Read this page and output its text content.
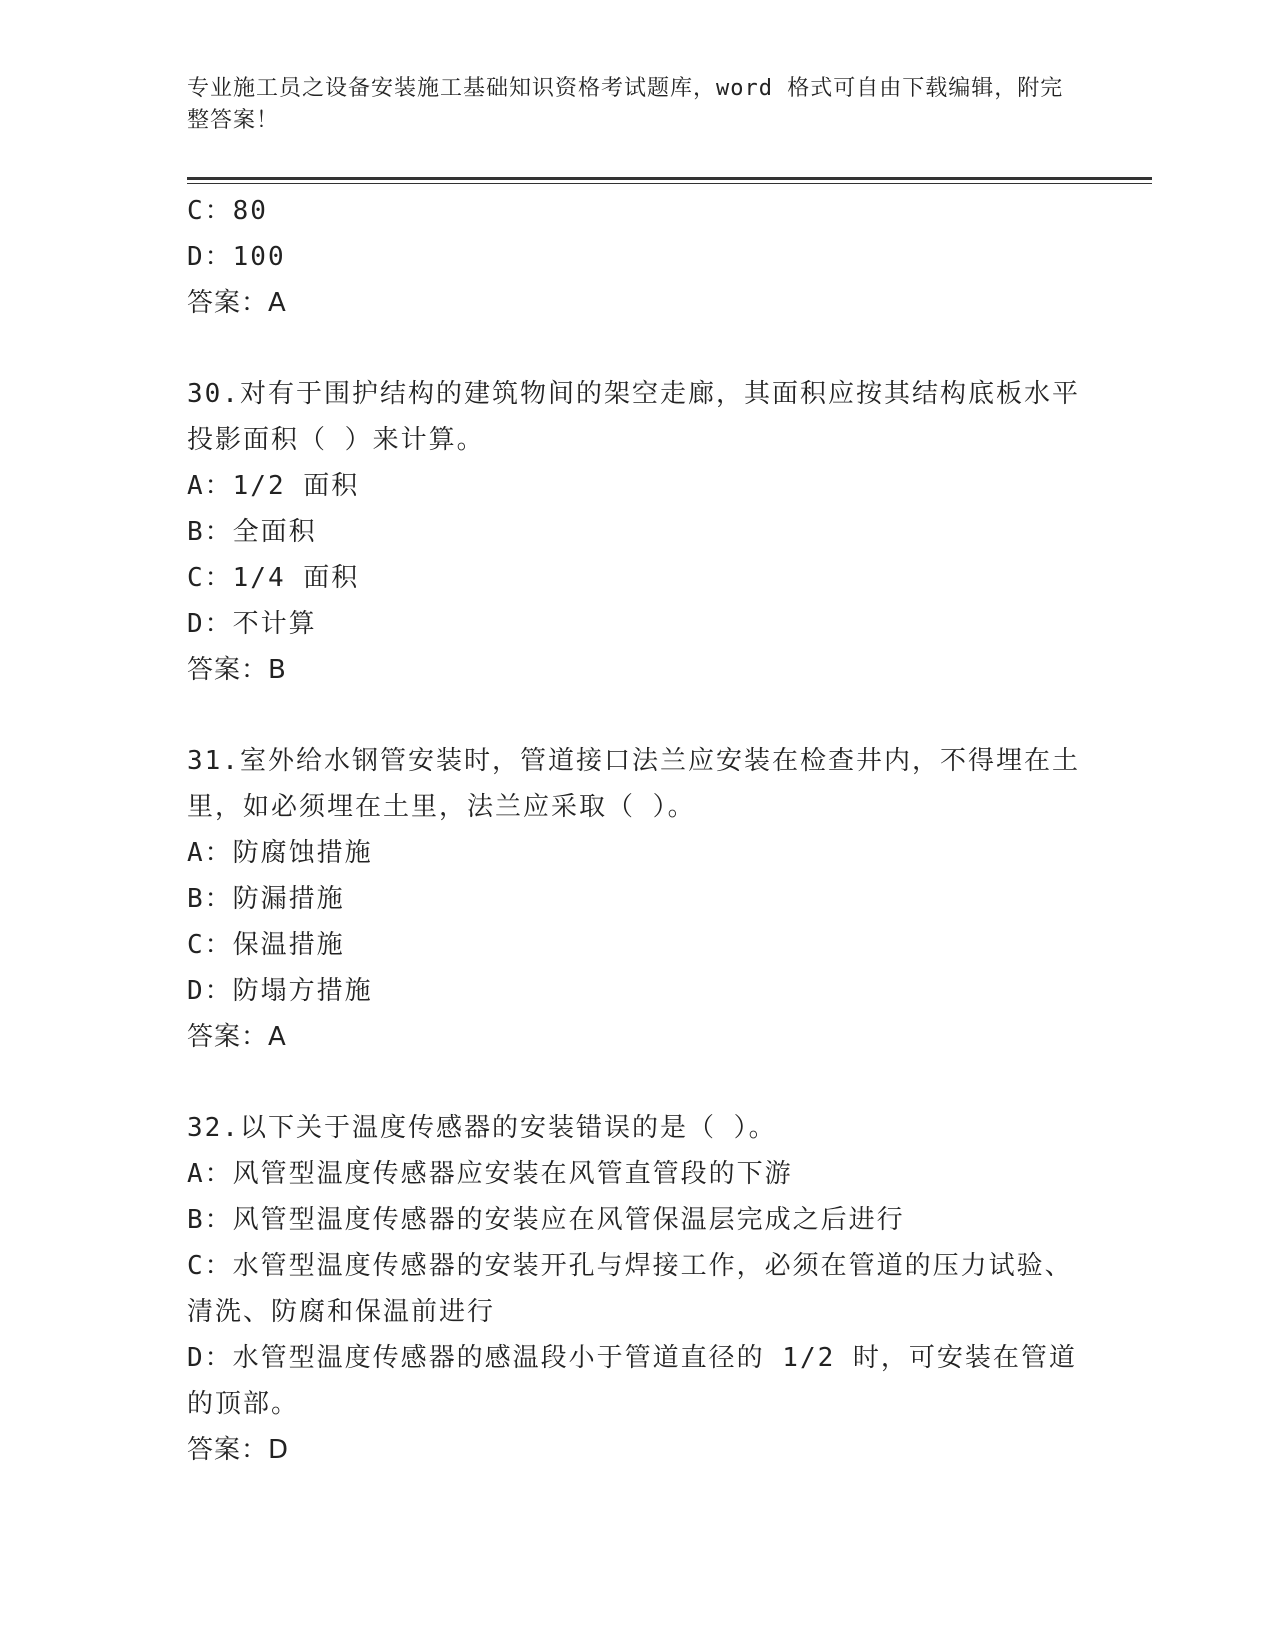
专业施工员之设备安装施工基础知识资格考试题库，word 格式可自由下载编辑，附完整答案！
C：80
D：100
答案：A
30.对有于围护结构的建筑物间的架空走廊，其面积应按其结构底板水平投影面积（ ）来计算。
A：1/2 面积
B：全面积
C：1/4 面积
D：不计算
答案：B
31.室外给水钢管安装时，管道接口法兰应安装在检查井内，不得埋在土里，如必须埋在土里，法兰应采取（ ）。
A：防腐蚀措施
B：防漏措施
C：保温措施
D：防塌方措施
答案：A
32.以下关于温度传感器的安装错误的是（ ）。
A：风管型温度传感器应安装在风管直管段的下游
B：风管型温度传感器的安装应在风管保温层完成之后进行
C：水管型温度传感器的安装开孔与焊接工作，必须在管道的压力试验、清洗、防腐和保温前进行
D：水管型温度传感器的感温段小于管道直径的 1/2 时，可安装在管道的顶部。
答案：D
